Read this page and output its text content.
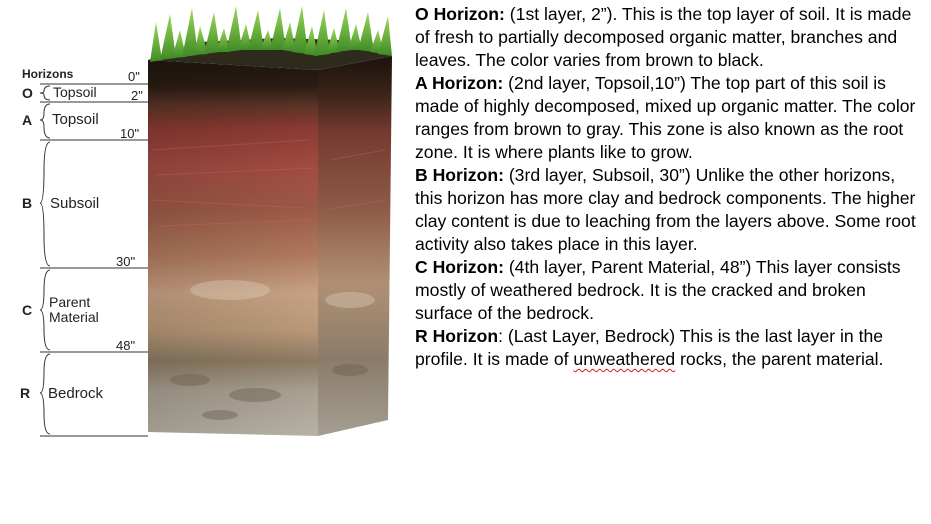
Horizons	0"
2"
10"
30"
48"
O Topsoil
A Topsoil
B Subsoil
C Parent
Material
R Bedrock

O Horizon: (1st layer, 2”). This is the top layer of soil. It is made of fresh to partially decomposed organic matter, branches and leaves. The color varies from brown to black.

A Horizon: (2nd layer, Topsoil,10”) The top part of this soil is made of highly decomposed, mixed up organic matter. The color ranges from brown to gray. This zone is also known as the root zone. It is where plants like to grow.

B Horizon: (3rd layer, Subsoil, 30”) Unlike the other horizons, this horizon has more clay and bedrock components. The higher clay content is due to leaching from the layers above. Some root activity also takes place in this layer.

C Horizon: (4th layer, Parent Material, 48”) This layer consists mostly of weathered bedrock. It is the cracked and broken surface of the bedrock.

R Horizon: (Last Layer, Bedrock) This is the last layer in the profile. It is made of unweathered rocks, the parent material.
